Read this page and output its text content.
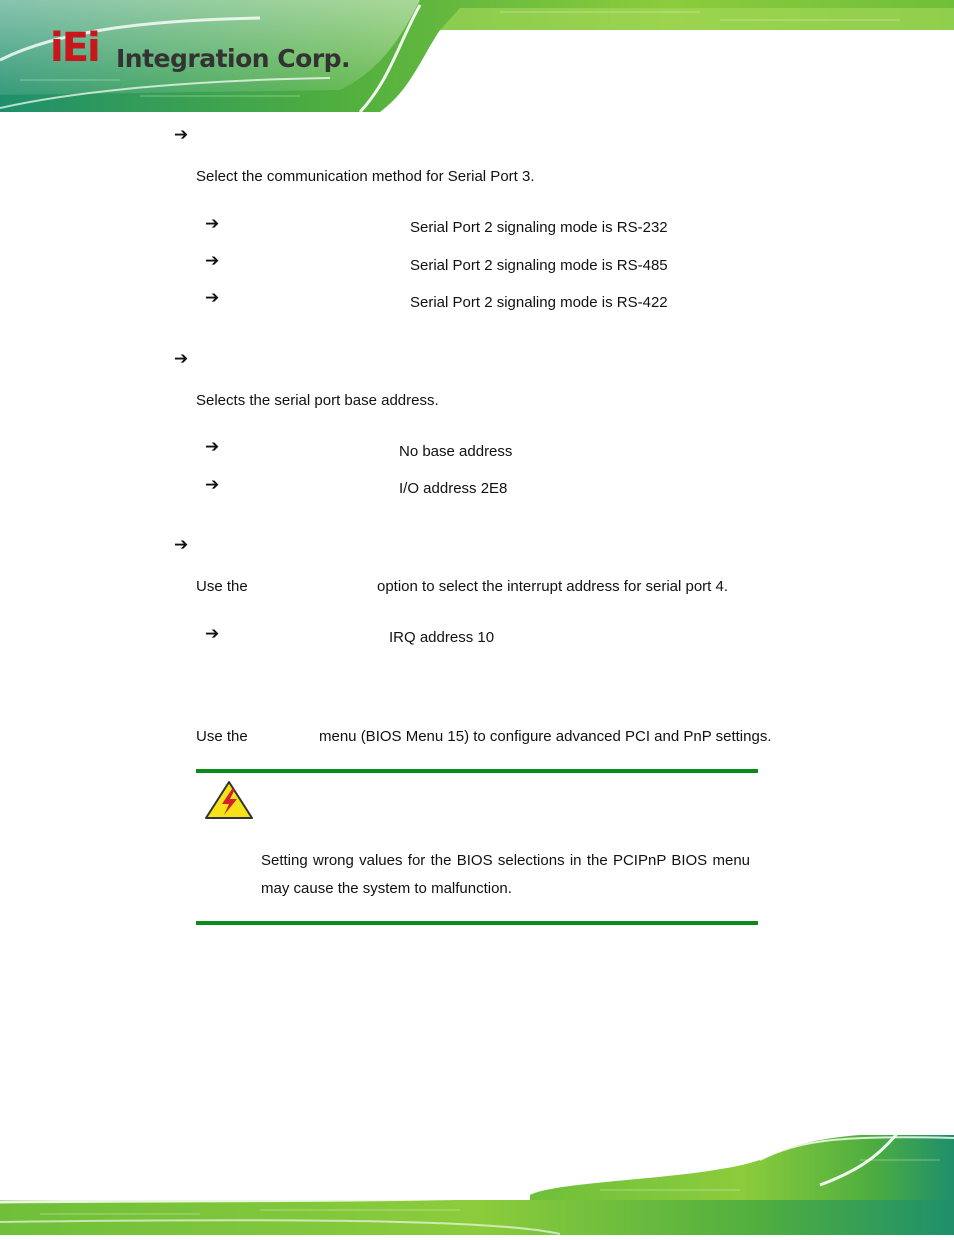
iEi Integration Corp.
➔
Select the communication method for Serial Port 3.
➔	Serial Port 2 signaling mode is RS-232
➔	Serial Port 2 signaling mode is RS-485
➔	Serial Port 2 signaling mode is RS-422
➔
Selects the serial port base address.
➔	No base address
➔	I/O address 2E8
➔
Use the	option to select the interrupt address for serial port 4.
➔	IRQ address 10
Use the	menu (BIOS Menu 15) to configure advanced PCI and PnP settings.
Setting wrong values for the BIOS selections in the PCIPnP BIOS menu may cause the system to malfunction.
